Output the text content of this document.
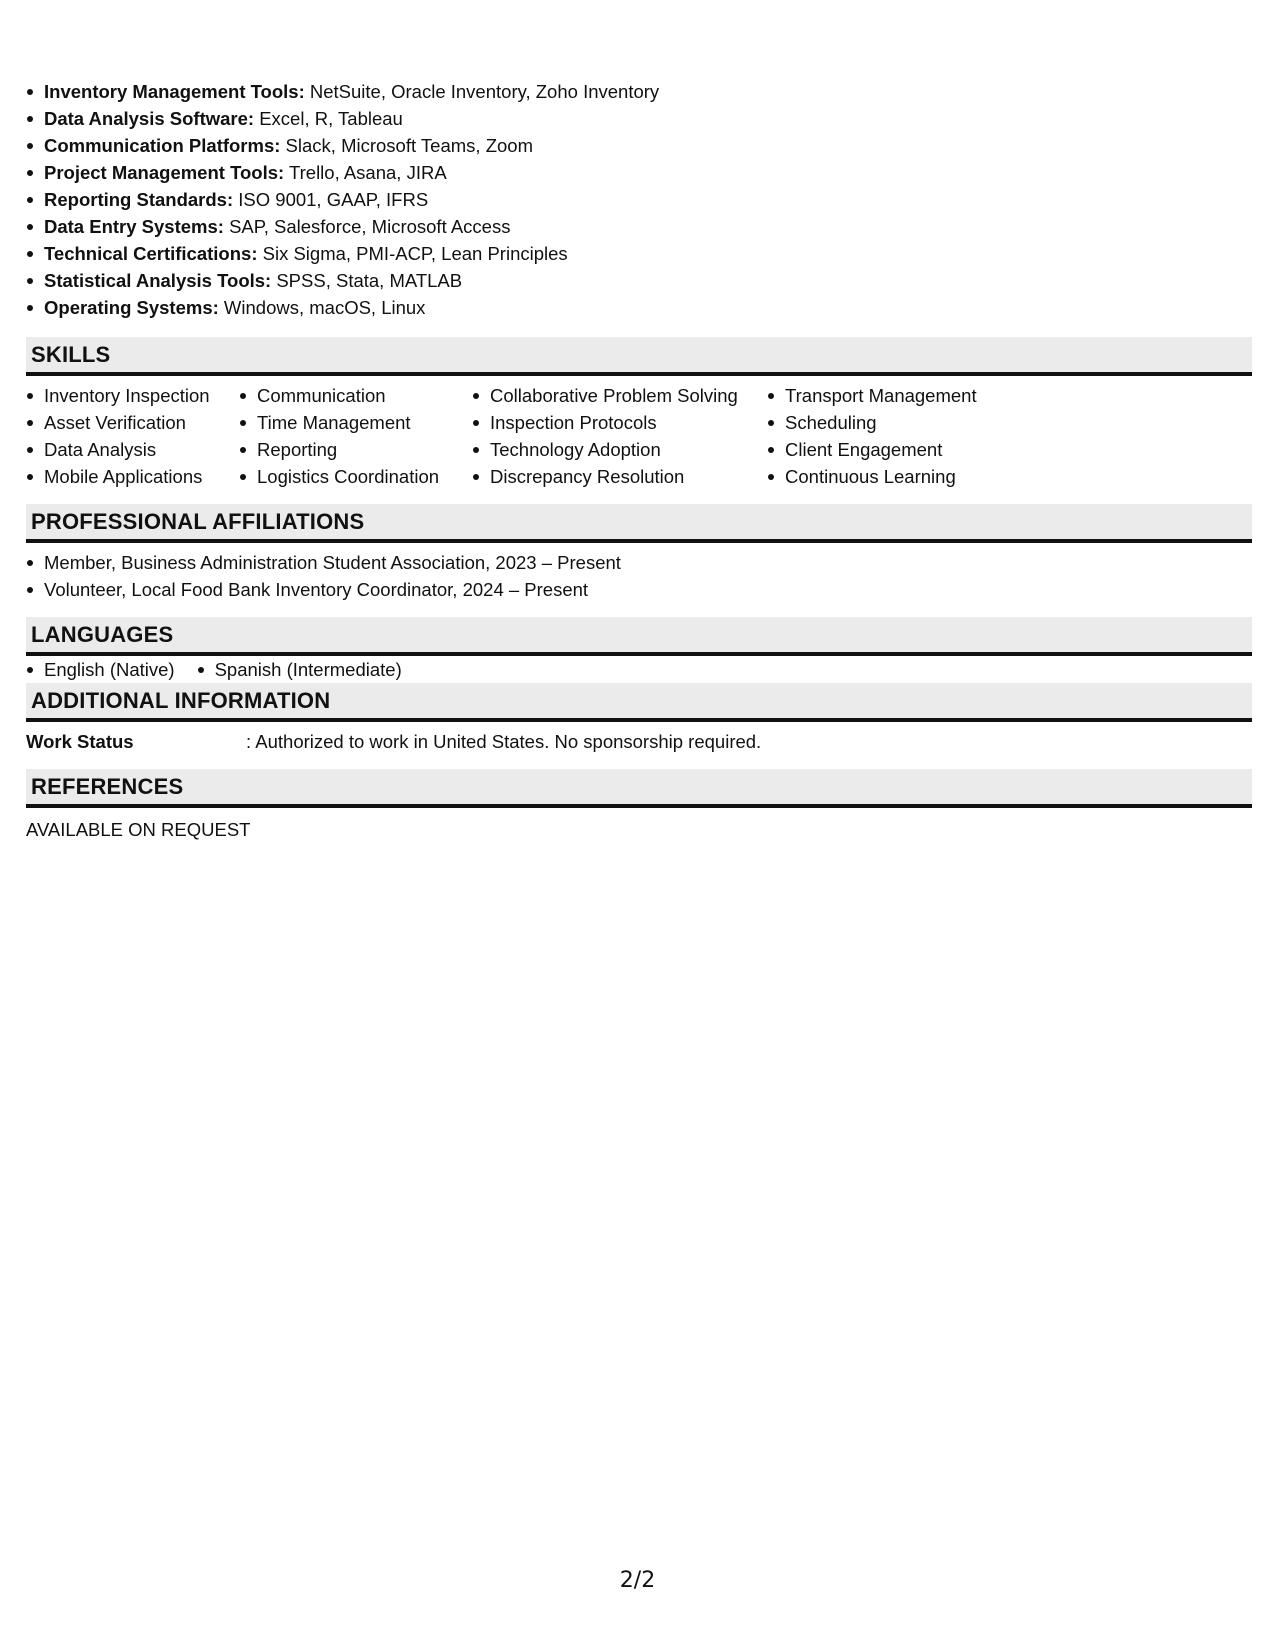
Inventory Management Tools: NetSuite, Oracle Inventory, Zoho Inventory
Data Analysis Software: Excel, R, Tableau
Communication Platforms: Slack, Microsoft Teams, Zoom
Project Management Tools: Trello, Asana, JIRA
Reporting Standards: ISO 9001, GAAP, IFRS
Data Entry Systems: SAP, Salesforce, Microsoft Access
Technical Certifications: Six Sigma, PMI-ACP, Lean Principles
Statistical Analysis Tools: SPSS, Stata, MATLAB
Operating Systems: Windows, macOS, Linux
SKILLS
Inventory Inspection
Asset Verification
Data Analysis
Mobile Applications
Communication
Time Management
Reporting
Logistics Coordination
Collaborative Problem Solving
Inspection Protocols
Technology Adoption
Discrepancy Resolution
Transport Management
Scheduling
Client Engagement
Continuous Learning
PROFESSIONAL AFFILIATIONS
Member, Business Administration Student Association, 2023 – Present
Volunteer, Local Food Bank Inventory Coordinator, 2024 – Present
LANGUAGES
English (Native)	Spanish (Intermediate)
ADDITIONAL INFORMATION
Work Status	: Authorized to work in United States. No sponsorship required.
REFERENCES
AVAILABLE ON REQUEST
2/2
